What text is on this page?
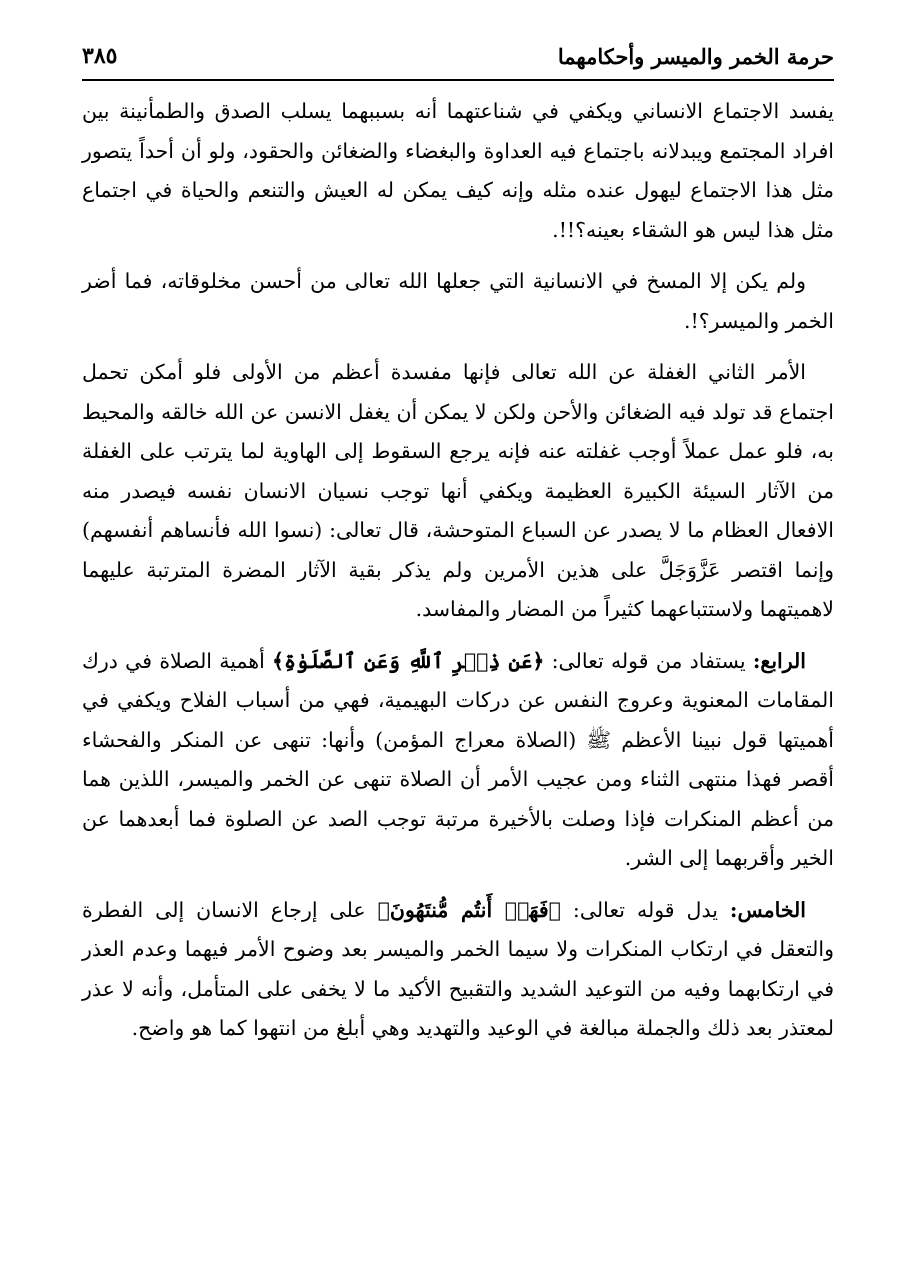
حرمة الخمر والميسر وأحكامهما
٣٨٥

يفسد الاجتماع الانساني ويكفي في شناعتهما أنه بسببهما يسلب الصدق والطمأنينة بين افراد المجتمع ويبدلانه باجتماع فيه العداوة والبغضاء والضغائن والحقود، ولو أن أحداً يتصور مثل هذا الاجتماع ليهول عنده مثله وإنه كيف يمكن له العيش والتنعم والحياة في اجتماع مثل هذا ليس هو الشقاء بعينه؟!!.

ولم يكن إلا المسخ في الانسانية التي جعلها الله تعالى من أحسن مخلوقاته، فما أضر الخمر والميسر؟!.

الأمر الثاني الغفلة عن الله تعالى فإنها مفسدة أعظم من الأولى فلو أمكن تحمل اجتماع قد تولد فيه الضغائن والأحن ولكن لا يمكن أن يغفل الانسن عن الله خالقه والمحيط به، فلو عمل عملاً أوجب غفلته عنه فإنه يرجع السقوط إلى الهاوية لما يترتب على الغفلة من الآثار السيئة الكبيرة العظيمة ويكفي أنها توجب نسيان الانسان نفسه فيصدر منه الافعال العظام ما لا يصدر عن السباع المتوحشة، قال تعالى: (نسوا الله فأنساهم أنفسهم) وإنما اقتصر عَزَّوَجَلَّ على هذين الأمرين ولم يذكر بقية الآثار المضرة المترتبة عليهما لاهميتهما ولاستتباعهما كثيراً من المضار والمفاسد.

الرابع: يستفاد من قوله تعالى: ﴿عَن ذِكۡرِ ٱللَّهِ وَعَنِ ٱلصَّلَوٰةِ﴾ أهمية الصلاة في درك المقامات المعنوية وعروج النفس عن دركات البهيمية، فهي من أسباب الفلاح ويكفي في أهميتها قول نبينا الأعظم ﷺ (الصلاة معراج المؤمن) وأنها: تنهى عن المنكر والفحشاء أقصر فهذا منتهى الثناء ومن عجيب الأمر أن الصلاة تنهى عن الخمر والميسر، اللذين هما من أعظم المنكرات فإذا وصلت بالأخيرة مرتبة توجب الصد عن الصلوة فما أبعدهما عن الخير وأقربهما إلى الشر.

الخامس: يدل قوله تعالى: ﴿فَهَلۡ أَنتُم مُّنتَهُونَ﴾ على إرجاع الانسان إلى الفطرة والتعقل في ارتكاب المنكرات ولا سيما الخمر والميسر بعد وضوح الأمر فيهما وعدم العذر في ارتكابهما وفيه من التوعيد الشديد والتقبيح الأكيد ما لا يخفى على المتأمل، وأنه لا عذر لمعتذر بعد ذلك والجملة مبالغة في الوعيد والتهديد وهي أبلغ من انتهوا كما هو واضح.
